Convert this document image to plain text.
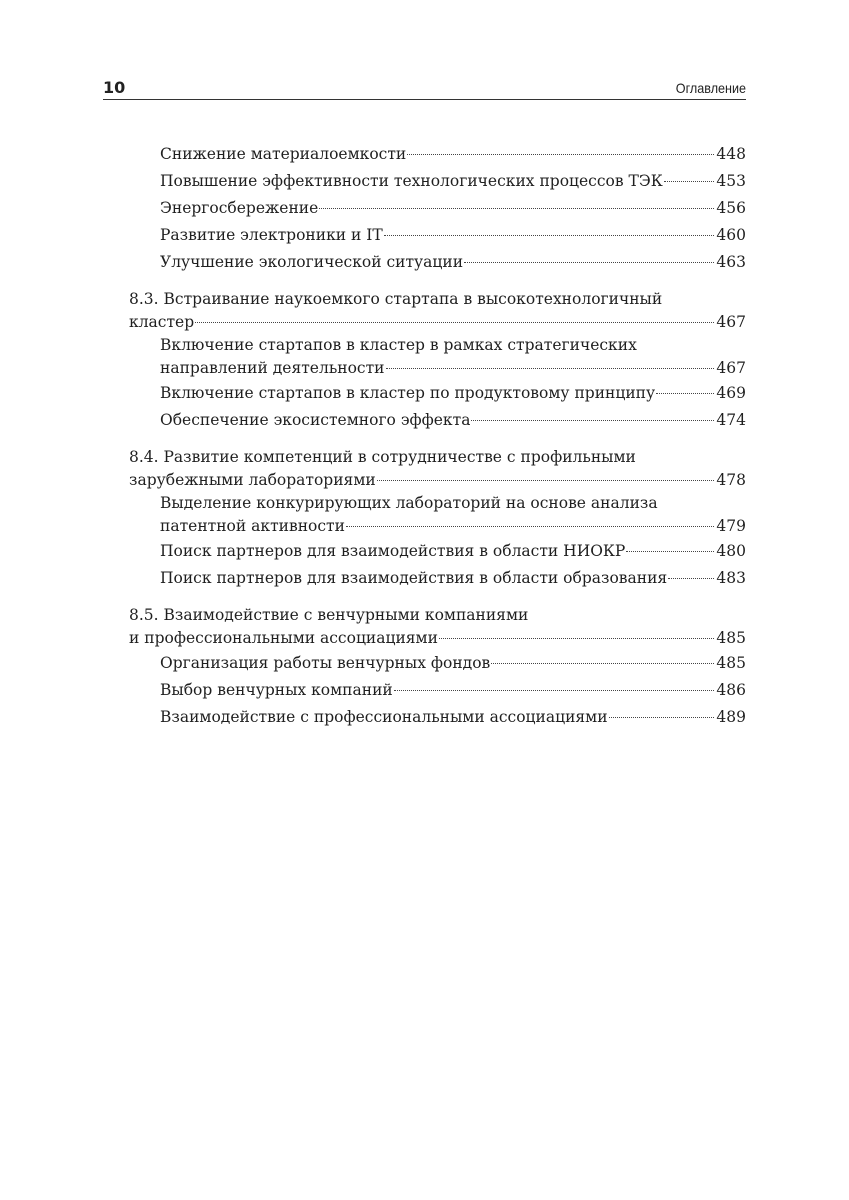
10	Оглавление
Снижение материалоемкости	448
Повышение эффективности технологических процессов ТЭК	453
Энергосбережение	456
Развитие электроники и IT	460
Улучшение экологической ситуации	463
8.3. Встраивание наукоемкого стартапа в высокотехнологичный
кластер	467
Включение стартапов в кластер в рамках стратегических
направлений деятельности	467
Включение стартапов в кластер по продуктовому принципу	469
Обеспечение экосистемного эффекта	474
8.4. Развитие компетенций в сотрудничестве с профильными
зарубежными лабораториями	478
Выделение конкурирующих лабораторий на основе анализа
патентной активности	479
Поиск партнеров для взаимодействия в области НИОКР	480
Поиск партнеров для взаимодействия в области образования	483
8.5. Взаимодействие с венчурными компаниями
и профессиональными ассоциациями	485
Организация работы венчурных фондов	485
Выбор венчурных компаний	486
Взаимодействие с профессиональными ассоциациями	489
